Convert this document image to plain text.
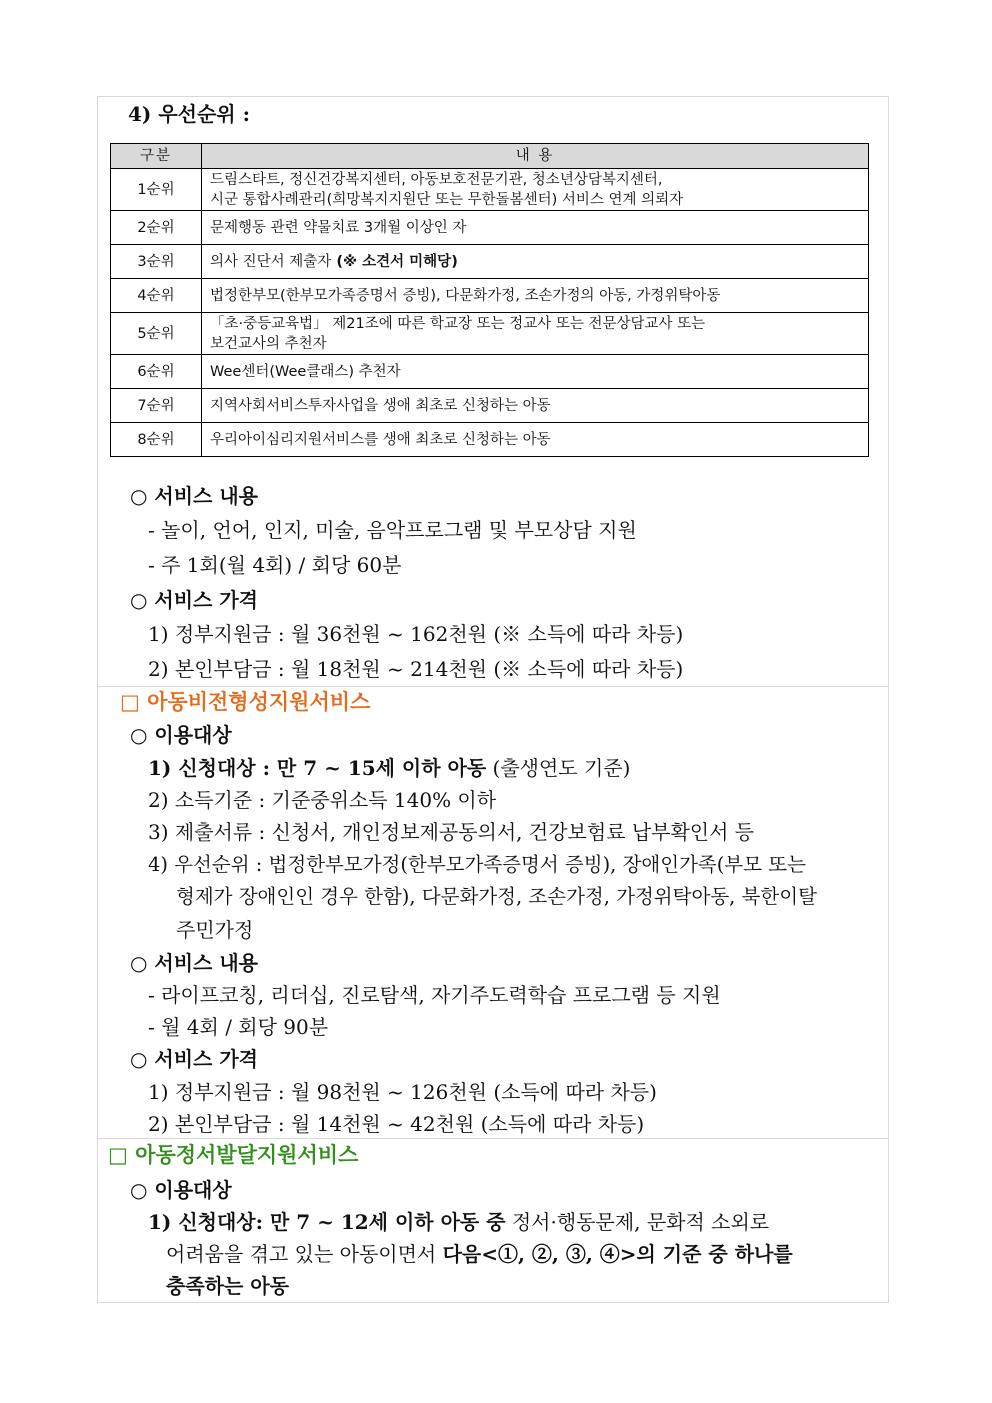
4) 우선순위 :
구분	내 용
1순위	드림스타트, 정신건강복지센터, 아동보호전문기관, 청소년상담복지센터,
시군 통합사례관리(희망복지지원단 또는 무한돌봄센터) 서비스 연계 의뢰자
2순위	문제행동 관련 약물치료 3개월 이상인 자
3순위	의사 진단서 제출자 (※ 소견서 미해당)
4순위	법정한부모(한부모가족증명서 증빙), 다문화가정, 조손가정의 아동, 가정위탁아동
5순위	「초·중등교육법」 제21조에 따른 학교장 또는 정교사 또는 전문상담교사 또는
보건교사의 추천자
6순위	Wee센터(Wee클래스) 추천자
7순위	지역사회서비스투자사업을 생애 최초로 신청하는 아동
8순위	우리아이심리지원서비스를 생애 최초로 신청하는 아동
○ 서비스 내용
- 놀이, 언어, 인지, 미술, 음악프로그램 및 부모상담 지원
- 주 1회(월 4회) / 회당 60분
○ 서비스 가격
1) 정부지원금 : 월 36천원 ~ 162천원 (※ 소득에 따라 차등)
2) 본인부담금 : 월 18천원 ~ 214천원 (※ 소득에 따라 차등)
□ 아동비전형성지원서비스
○ 이용대상
1) 신청대상 : 만 7 ~ 15세 이하 아동 (출생연도 기준)
2) 소득기준 : 기준중위소득 140% 이하
3) 제출서류 : 신청서, 개인정보제공동의서, 건강보험료 납부확인서 등
4) 우선순위 : 법정한부모가정(한부모가족증명서 증빙), 장애인가족(부모 또는
형제가 장애인인 경우 한함), 다문화가정, 조손가정, 가정위탁아동, 북한이탈
주민가정
○ 서비스 내용
- 라이프코칭, 리더십, 진로탐색, 자기주도력학습 프로그램 등 지원
- 월 4회 / 회당 90분
○ 서비스 가격
1) 정부지원금 : 월 98천원 ~ 126천원 (소득에 따라 차등)
2) 본인부담금 : 월 14천원 ~ 42천원 (소득에 따라 차등)
□ 아동정서발달지원서비스
○ 이용대상
1) 신청대상: 만 7 ~ 12세 이하 아동 중 정서·행동문제, 문화적 소외로
어려움을 겪고 있는 아동이면서 다음<①, ②, ③, ④>의 기준 중 하나를
충족하는 아동
